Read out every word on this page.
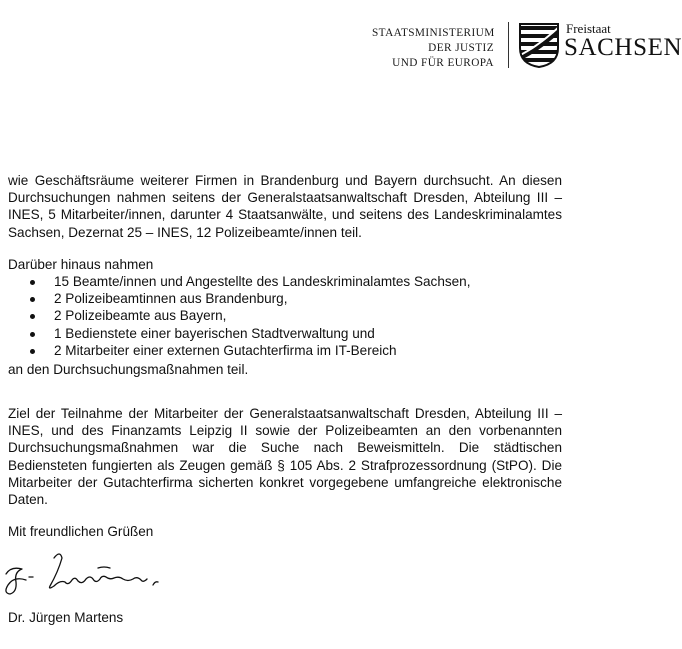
STAATSMINISTERIUM
DER JUSTIZ
UND FÜR EUROPA
Freistaat
SACHSEN
wie Geschäftsräume weiterer Firmen in Brandenburg und Bayern durchsucht. An diesen Durchsuchungen nahmen seitens der Generalstaatsanwaltschaft Dresden, Abteilung III – INES, 5 Mitarbeiter/innen, darunter 4 Staatsanwälte, und seitens des Landeskriminalamtes Sachsen, Dezernat 25 – INES, 12 Polizeibeamte/innen teil.
Darüber hinaus nahmen
15 Beamte/innen und Angestellte des Landeskriminalamtes Sachsen,
2 Polizeibeamtinnen aus Brandenburg,
2 Polizeibeamte aus Bayern,
1 Bedienstete einer bayerischen Stadtverwaltung und
2 Mitarbeiter einer externen Gutachterfirma im IT-Bereich
an den Durchsuchungsmaßnahmen teil.
Ziel der Teilnahme der Mitarbeiter der Generalstaatsanwaltschaft Dresden, Abteilung III – INES, und des Finanzamts Leipzig II sowie der Polizeibeamten an den vorbenannten Durchsuchungsmaßnahmen war die Suche nach Beweismitteln. Die städtischen Bediensteten fungierten als Zeugen gemäß § 105 Abs. 2 Strafprozessordnung (StPO). Die Mitarbeiter der Gutachterfirma sicherten konkret vorgegebene umfangreiche elektronische Daten.
Mit freundlichen Grüßen
Dr. Jürgen Martens
